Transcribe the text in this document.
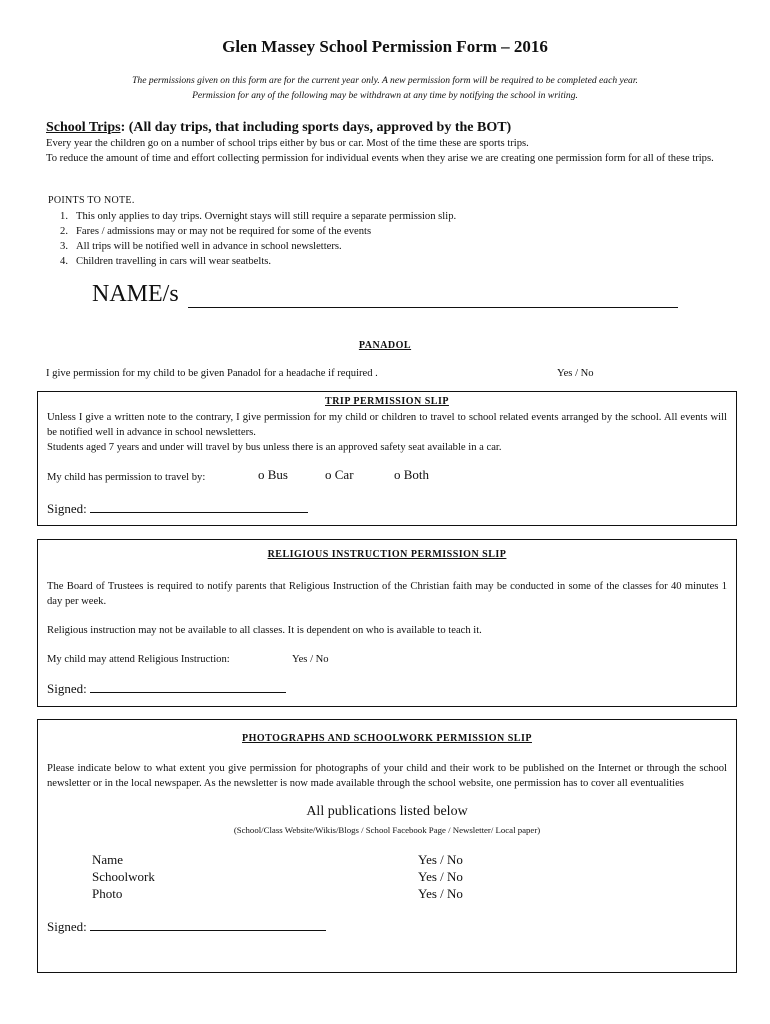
Glen Massey School Permission Form – 2016
The permissions given on this form are for the current year only. A new permission form will be required to be completed each year.
Permission for any of the following may be withdrawn at any time by notifying the school in writing.
School Trips: (All day trips, that including sports days, approved by the BOT)
Every year the children go on a number of school trips either by bus or car. Most of the time these are sports trips.
To reduce the amount of time and effort collecting permission for individual events when they arise we are creating one permission form for all of these trips.
POINTS TO NOTE.
1. This only applies to day trips. Overnight stays will still require a separate permission slip.
2. Fares / admissions may or may not be required for some of the events
3. All trips will be notified well in advance in school newsletters.
4. Children travelling in cars will wear seatbelts.
NAME/s
PANADOL
I give permission for my child to be given Panadol for a headache if required .	Yes / No
TRIP PERMISSION SLIP
Unless I give a written note to the contrary, I give permission for my child or children to travel to school related events arranged by the school. All events will be notified well in advance in school newsletters.
Students aged 7 years and under will travel by bus unless there is an approved safety seat available in a car.
My child has permission to travel by:	o Bus	o Car	o Both
Signed:
RELIGIOUS INSTRUCTION PERMISSION SLIP
The Board of Trustees is required to notify parents that Religious Instruction of the Christian faith may be conducted in some of the classes for 40 minutes 1 day per week.
Religious instruction may not be available to all classes. It is dependent on who is available to teach it.
My child may attend Religious Instruction:	Yes / No
Signed:
PHOTOGRAPHS AND SCHOOLWORK PERMISSION SLIP
Please indicate below to what extent you give permission for photographs of your child and their work to be published on the Internet or through the school newsletter or in the local newspaper. As the newsletter is now made available through the school website, one permission has to cover all eventualities
All publications listed below
(School/Class Website/Wikis/Blogs / School Facebook Page / Newsletter/ Local paper)
Name	Yes / No
Schoolwork	Yes / No
Photo	Yes / No
Signed:
